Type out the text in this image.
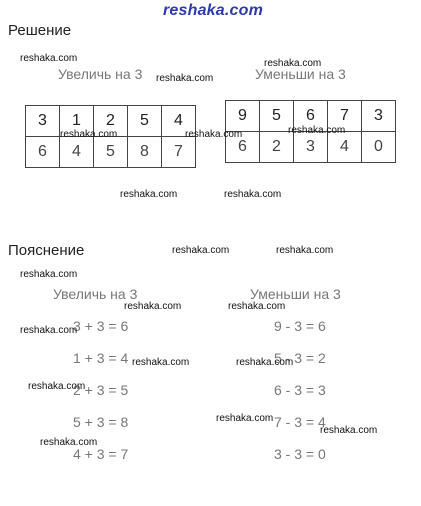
reshaka.com
Решение
Увеличь на 3	Уменьши на 3
3	1	2	5	4
6	4	5	8	7
9	5	6	7	3
6	2	3	4	0
Пояснение
Увеличь на 3	Уменьши на 3
3 + 3 = 6
1 + 3 = 4
2 + 3 = 5
5 + 3 = 8
4 + 3 = 7
9 - 3 = 6
5 - 3 = 2
6 - 3 = 3
7 - 3 = 4
3 - 3 = 0
reshaka.com	reshaka.com
reshaka.com
reshaka.com	reshaka.com	reshaka.com
reshaka.com	reshaka.com
reshaka.com	reshaka.com
reshaka.com
reshaka.com	reshaka.com
reshaka.com
reshaka.com	reshaka.com
reshaka.com
reshaka.com
reshaka.com
reshaka.com
